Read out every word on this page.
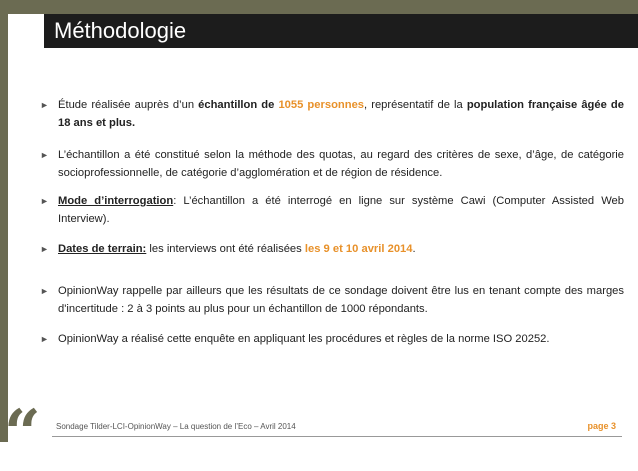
Méthodologie
► Étude réalisée auprès d’un échantillon de 1055 personnes, représentatif de la population française âgée de 18 ans et plus.
► L’échantillon a été constitué selon la méthode des quotas, au regard des critères de sexe, d’âge, de catégorie socioprofessionnelle, de catégorie d’agglomération et de région de résidence.
► Mode d’interrogation: L’échantillon a été interrogé en ligne sur système Cawi (Computer Assisted Web Interview).
► Dates de terrain: les interviews ont été réalisées les 9 et 10 avril 2014.
► OpinionWay rappelle par ailleurs que les résultats de ce sondage doivent être lus en tenant compte des marges d'incertitude : 2 à 3 points au plus pour un échantillon de 1000 répondants.
► OpinionWay a réalisé cette enquête en appliquant les procédures et règles de la norme ISO 20252.
“ Sondage Tilder-LCI-OpinionWay – La question de l’Eco – Avril 2014	page 3
